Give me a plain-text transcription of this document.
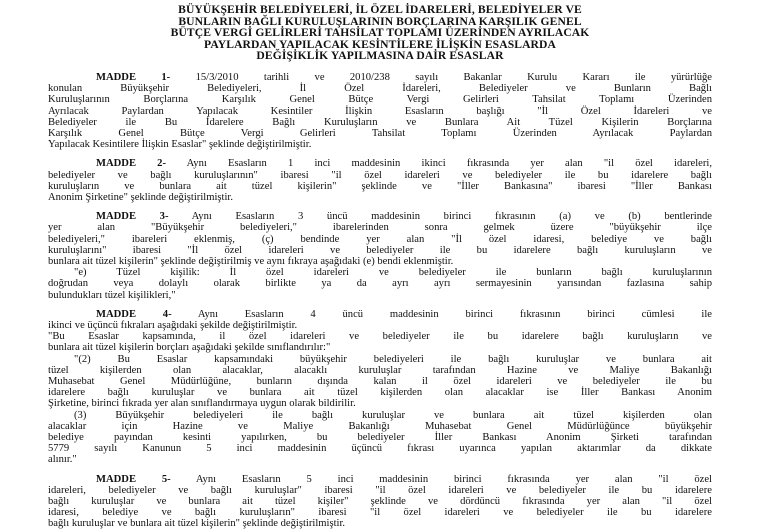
BÜYÜKŞEHİR BELEDİYELERİ, İL ÖZEL İDARELERİ, BELEDİYELER VE
BUNLARIN BAĞLI KURULUŞLARININ BORÇLARINA KARŞILIK GENEL
BÜTÇE VERGİ GELİRLERİ TAHSİLAT TOPLAMI ÜZERİNDEN AYRILACAK
PAYLARDAN YAPILACAK KESİNTİLERE İLİŞKİN ESASLARDA
DEĞİŞİKLİK YAPILMASINA DAİR ESASLAR
MADDE 1- 15/3/2010 tarihli ve 2010/238 sayılı Bakanlar Kurulu Kararı ile yürürlüğe
konulan Büyükşehir Belediyeleri, İl Özel İdareleri, Belediyeler ve Bunların Bağlı
Kuruluşlarının Borçlarına Karşılık Genel Bütçe Vergi Gelirleri Tahsilat Toplamı Üzerinden
Ayrılacak Paylardan Yapılacak Kesintiler İlişkin Esasların başlığı "İl Özel İdareleri ve
Belediyeler ile Bu İdarelere Bağlı Kuruluşların ve Bunlara Ait Tüzel Kişilerin Borçlarına
Karşılık Genel Bütçe Vergi Gelirleri Tahsilat Toplamı Üzerinden Ayrılacak Paylardan
Yapılacak Kesintilere İlişkin Esaslar" şeklinde değiştirilmiştir.
MADDE 2- Aynı Esasların 1 inci maddesinin ikinci fıkrasında yer alan "il özel idareleri,
belediyeler ve bağlı kuruluşlarının" ibaresi "il özel idareleri ve belediyeler ile bu idarelere bağlı
kuruluşların ve bunlara ait tüzel kişilerin" şeklinde ve "İller Bankasına" ibaresi "İller Bankası
Anonim Şirketine" şeklinde değiştirilmiştir.
MADDE 3- Aynı Esasların 3 üncü maddesinin birinci fıkrasının (a) ve (b) bentlerinde
yer alan "Büyükşehir belediyeleri," ibarelerinden sonra gelmek üzere "büyükşehir ilçe
belediyeleri," ibareleri eklenmiş, (ç) bendinde yer alan "İl özel idaresi, belediye ve bağlı
kuruluşlarını" ibaresi "İl özel idareleri ve belediyeler ile bu idarelere bağlı kuruluşların ve
bunlara ait tüzel kişilerin" şeklinde değiştirilmiş ve aynı fıkraya aşağıdaki (e) bendi eklenmiştir.
"e) Tüzel kişilik: İl özel idareleri ve belediyeler ile bunların bağlı kuruluşlarının
doğrudan veya dolaylı olarak birlikte ya da ayrı ayrı sermayesinin yarısından fazlasına sahip
bulundukları tüzel kişilikleri,"
MADDE 4- Aynı Esasların 4 üncü maddesinin birinci fıkrasının birinci cümlesi ile
ikinci ve üçüncü fıkraları aşağıdaki şekilde değiştirilmiştir.
"Bu Esaslar kapsamında, il özel idareleri ve belediyeler ile bu idarelere bağlı kuruluşların ve
bunlara ait tüzel kişilerin borçları aşağıdaki şekilde sınıflandırılır:"
"(2) Bu Esaslar kapsamındaki büyükşehir belediyeleri ile bağlı kuruluşlar ve bunlara ait
tüzel kişilerden olan alacaklar, alacaklı kuruluşlar tarafından Hazine ve Maliye Bakanlığı
Muhasebat Genel Müdürlüğüne, bunların dışında kalan il özel idareleri ve belediyeler ile bu
idarelere bağlı kuruluşlar ve bunlara ait tüzel kişilerden olan alacaklar ise İller Bankası Anonim
Şirketine, birinci fıkrada yer alan sınıflandırmaya uygun olarak bildirilir.
(3) Büyükşehir belediyeleri ile bağlı kuruluşlar ve bunlara ait tüzel kişilerden olan
alacaklar için Hazine ve Maliye Bakanlığı Muhasebat Genel Müdürlüğünce büyükşehir
belediye payından kesinti yapılırken, bu belediyeler İller Bankası Anonim Şirketi tarafından
5779 sayılı Kanunun 5 inci maddesinin üçüncü fıkrası uyarınca yapılan aktarımlar da dikkate
alınır."
MADDE 5- Aynı Esasların 5 inci maddesinin birinci fıkrasında yer alan "il özel
idareleri, belediyeler ve bağlı kuruluşlar" ibaresi "il özel idareleri ve belediyeler ile bu idarelere
bağlı kuruluşlar ve bunlara ait tüzel kişiler" şeklinde ve dördüncü fıkrasında yer alan "il özel
idaresi, belediye ve bağlı kuruluşların" ibaresi "il özel idareleri ve belediyeler ile bu idarelere
bağlı kuruluşlar ve bunlara ait tüzel kişilerin" şeklinde değiştirilmiştir.
